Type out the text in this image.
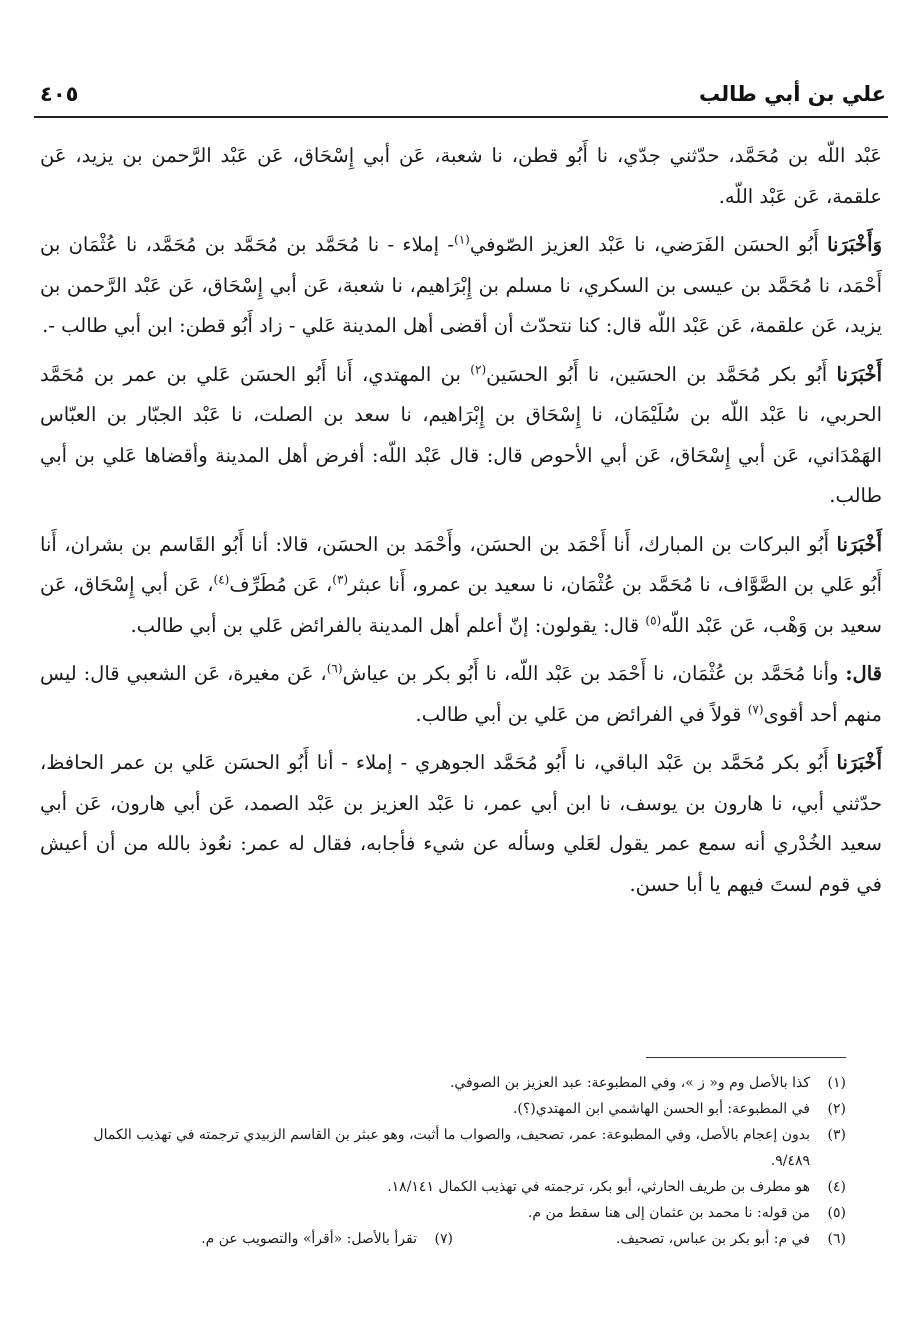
علي بن أبي طالب
٤٠٥

عَبْد اللّه بن مُحَمَّد، حدّثني جدّي، نا أَبُو قطن، نا شعبة، عَن أبي إِسْحَاق، عَن عَبْد الرَّحمن بن يزيد، عَن علقمة، عَن عَبْد اللّه.

وَأَخْبَرَنا أَبُو الحسَن الفَرَضي، نا عَبْد العزيز الصّوفي$^{(١)}$- إملاء - نا مُحَمَّد بن مُحَمَّد بن مُحَمَّد، نا عُثْمَان بن أَحْمَد، نا مُحَمَّد بن عيسى بن السكري، نا مسلم بن إِبْرَاهيم، نا شعبة، عَن أبي إِسْحَاق، عَن عَبْد الرَّحمن بن يزيد، عَن علقمة، عَن عَبْد اللّه قال: كنا نتحدّث أن أقضى أهل المدينة عَلي - زاد أَبُو قطن: ابن أبي طالب -.

أَخْبَرَنا أَبُو بكر مُحَمَّد بن الحسَين، نا أَبُو الحسَين$^{(٢)}$ بن المهتدي، أَنا أَبُو الحسَن عَلي بن عمر بن مُحَمَّد الحربي، نا عَبْد اللّه بن سُلَيْمَان، نا إِسْحَاق بن إِبْرَاهيم، نا سعد بن الصلت، نا عَبْد الجبّار بن العبّاس الهَمْدَاني، عَن أبي إِسْحَاق، عَن أبي الأحوص قال: قال عَبْد اللّه: أفرض أهل المدينة وأقضاها عَلي بن أبي طالب.

أَخْبَرَنا أَبُو البركات بن المبارك، أَنا أَحْمَد بن الحسَن، وأَحْمَد بن الحسَن، قالا: أنا أَبُو القَاسم بن بشران، أَنا أَبُو عَلي بن الصَّوَّاف، نا مُحَمَّد بن عُثْمَان، نا سعيد بن عمرو، أَنا عبثر$^{(٣)}$، عَن مُطَرِّف$^{(٤)}$، عَن أبي إِسْحَاق، عَن سعيد بن وَهْب، عَن عَبْد اللّه$^{(٥)}$ قال: يقولون: إنّ أعلم أهل المدينة بالفرائض عَلي بن أبي طالب.

قال: وأنا مُحَمَّد بن عُثْمَان، نا أَحْمَد بن عَبْد اللّه، نا أَبُو بكر بن عياش$^{(٦)}$، عَن مغيرة، عَن الشعبي قال: ليس منهم أحد أقوى$^{(٧)}$ قولاً في الفرائض من عَلي بن أبي طالب.

أَخْبَرَنا أَبُو بكر مُحَمَّد بن عَبْد الباقي، نا أَبُو مُحَمَّد الجوهري - إملاء - أنا أَبُو الحسَن عَلي بن عمر الحافظ، حدّثني أبي، نا هارون بن يوسف، نا ابن أبي عمر، نا عَبْد العزيز بن عَبْد الصمد، عَن أبي هارون، عَن أبي سعيد الخُدْري أنه سمع عمر يقول لعَلي وسأله عن شيء فأجابه، فقال له عمر: نعُوذ بالله من أن أعيش في قوم لستَ فيهم يا أبا حسن.

(١)
كذا بالأصل وم و« ز »، وفي المطبوعة: عبد العزيز بن الصوفي.
(٢)
في المطبوعة: أبو الحسن الهاشمي ابن المهتدي(؟).
(٣)
بدون إعجام بالأصل، وفي المطبوعة: عمر، تصحيف، والصواب ما أثبت، وهو عبثر بن القاسم الزبيدي ترجمته في تهذيب الكمال ٩/٤٨٩.
(٤)
هو مطرف بن طريف الحارثي، أبو بكر، ترجمته في تهذيب الكمال ١٨/١٤١.
(٥)
من قوله: نا محمد بن عثمان إلى هنا سقط من م.
(٦)
في م: أبو بكر بن عباس، تصحيف.
(٧)
تقرأ بالأصل: «أقرأ» والتصويب عن م.
